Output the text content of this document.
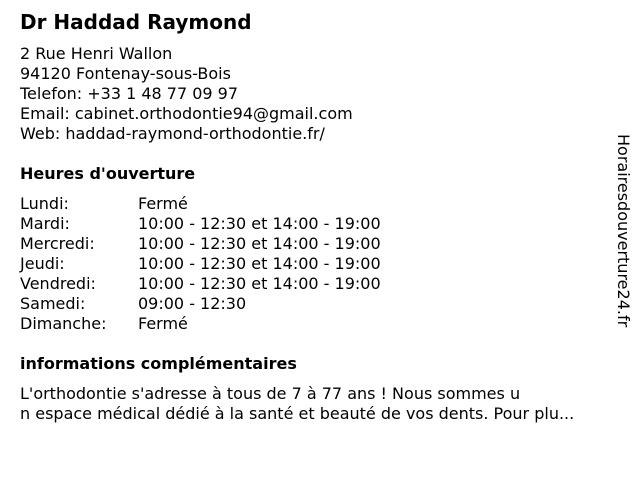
Dr Haddad Raymond
2 Rue Henri Wallon
94120 Fontenay-sous-Bois
Telefon: +33 1 48 77 09 97
Email: cabinet.orthodontie94@gmail.com
Web: haddad-raymond-orthodontie.fr/
Heures d'ouverture
Lundi:	Fermé
Mardi:	10:00 - 12:30 et 14:00 - 19:00
Mercredi:	10:00 - 12:30 et 14:00 - 19:00
Jeudi:	10:00 - 12:30 et 14:00 - 19:00
Vendredi:	10:00 - 12:30 et 14:00 - 19:00
Samedi:	09:00 - 12:30
Dimanche:	Fermé
informations complémentaires
L'orthodontie s'adresse à tous de 7 à 77 ans ! Nous sommes u
n espace médical dédié à la santé et beauté de vos dents. Pour plu...
Horairesdouverture24.fr
